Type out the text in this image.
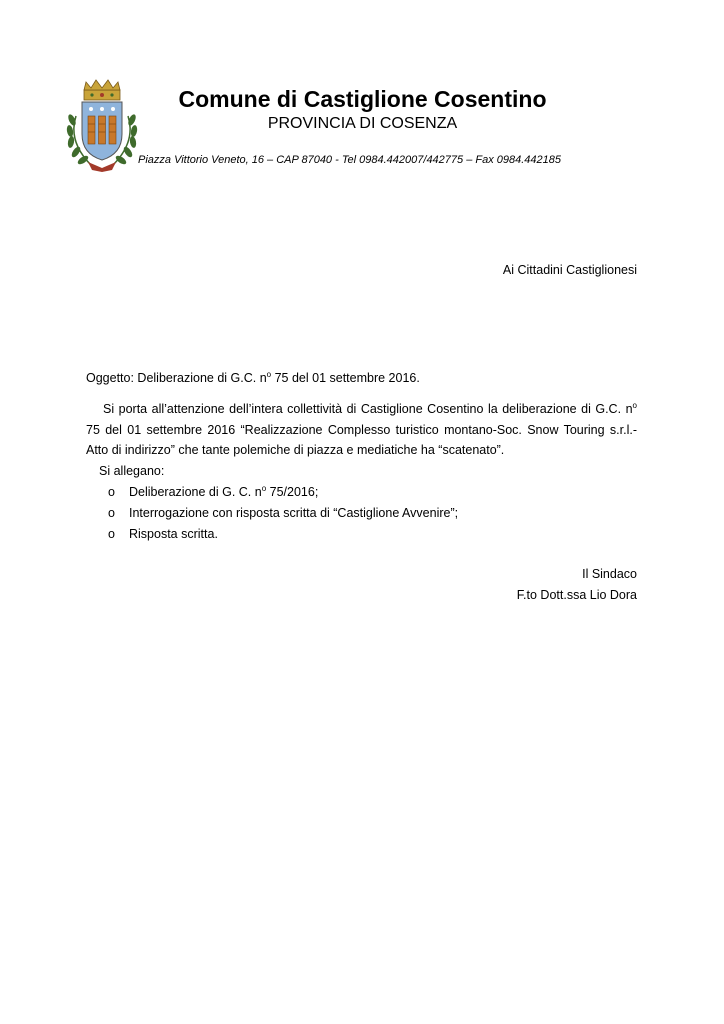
Comune di Castiglione Cosentino

PROVINCIA DI COSENZA

Piazza Vittorio Veneto, 16 – CAP 87040 - Tel 0984.442007/442775 – Fax 0984.442185
Ai Cittadini Castiglionesi
Oggetto: Deliberazione di G.C. $n^o$ 75 del 01 settembre 2016.
Si porta all’attenzione dell’intera collettività di Castiglione Cosentino la deliberazione di G.C. $n^o$ 75 del 01 settembre 2016 “Realizzazione Complesso turistico montano-Soc. Snow Touring s.r.l.- Atto di indirizzo” che tante polemiche di piazza e mediatiche ha “scatenato”.
Si allegano:
o Deliberazione di G. C. $n^o$ 75/2016;
o Interrogazione con risposta scritta di “Castiglione Avvenire”;
o Risposta scritta.
Il Sindaco
F.to Dott.ssa Lio Dora
